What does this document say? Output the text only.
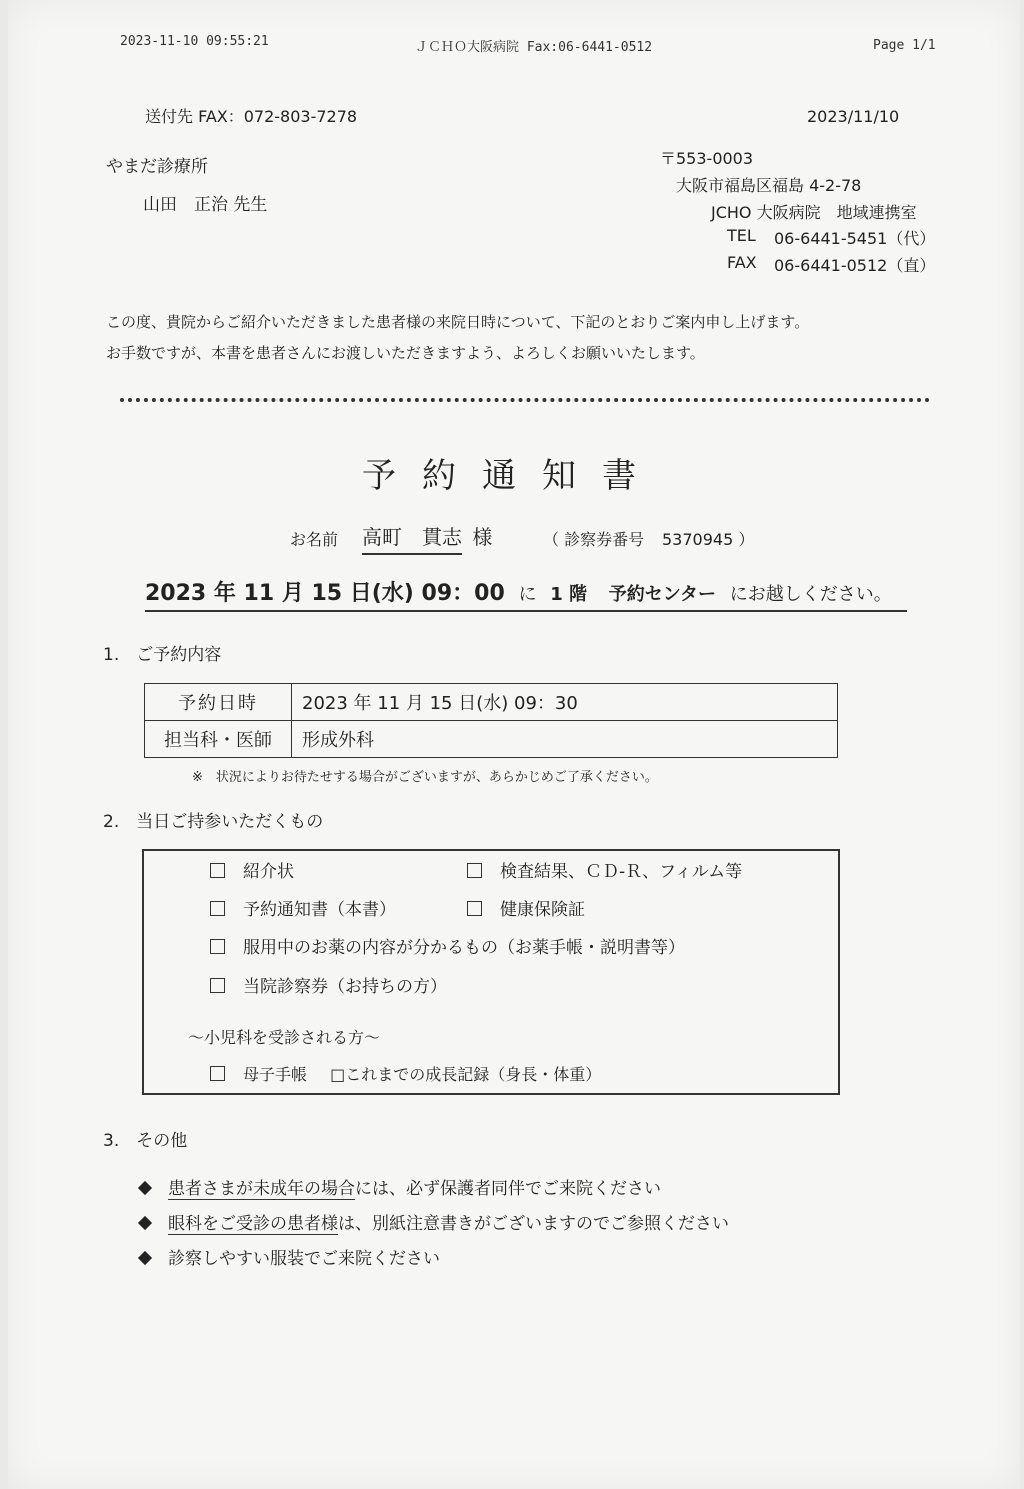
2023-11-10 09:55:21	ＪＣＨＯ大阪病院 Fax:06-6441-0512	Page 1/1
送付先 FAX：072-803-7278	2023/11/10
やまだ診療所
山田　正治 先生
〒553-0003
大阪市福島区福島 4-2-78
JCHO 大阪病院　地域連携室
TEL 06-6441-5451（代）
FAX 06-6441-0512（直）
この度、貴院からご紹介いただきました患者様の来院日時について、下記のとおりご案内申し上げます。
お手数ですが、本書を患者さんにお渡しいただきますよう、よろしくお願いいたします。
予約通知書
お名前 高町　貫志 様	（ 診察券番号 5370945 ）
2023 年 11 月 15 日(水) 09：00 に 1 階 予約センター にお越しください。
1.　ご予約内容
予約日時	2023 年 11 月 15 日(水) 09：30
担当科・医師	形成外科
※　状況によりお待たせする場合がございますが、あらかじめご了承ください。
2.　当日ご持参いただくもの
紹介状	検査結果、ＣＤ-Ｒ、フィルム等
予約通知書（本書）	健康保険証
服用中のお薬の内容が分かるもの（お薬手帳・説明書等）
当院診察券（お持ちの方）
～小児科を受診される方～
母子手帳 □これまでの成長記録（身長・体重）
3.　その他
患者さまが未成年の場合には、必ず保護者同伴でご来院ください
眼科をご受診の患者様は、別紙注意書きがございますのでご参照ください
診察しやすい服装でご来院ください
